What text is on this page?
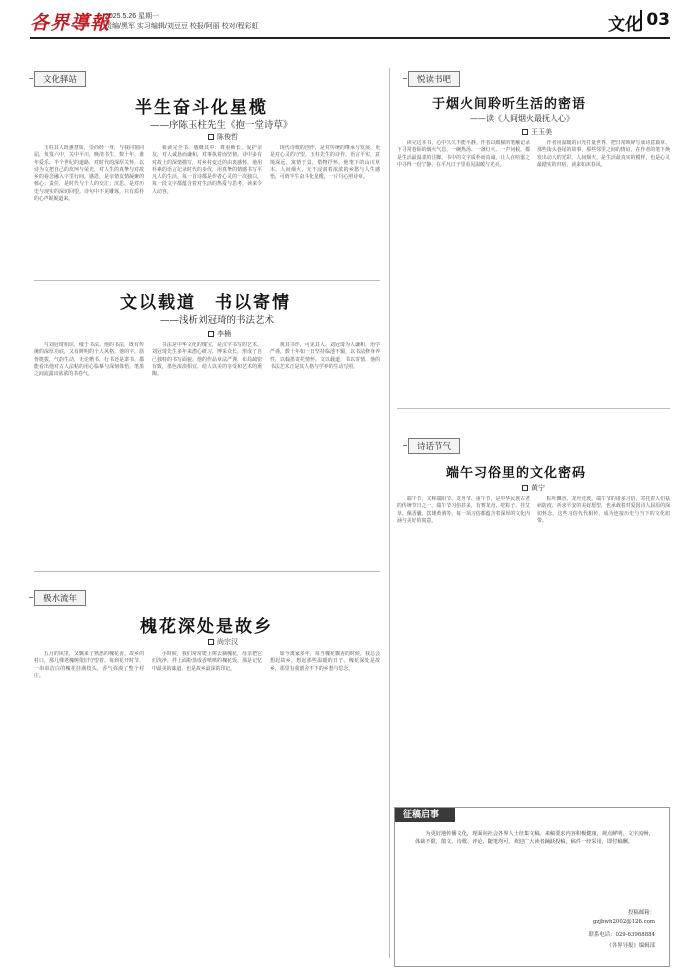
各界導報
2025.5.26 星期一
责编/黑军 实习编辑/刘豆豆 校报/阿丽 校对/程彩虹	文化 03
文化驿站
半生奋斗化星榄
——序陈玉柱先生《抱一堂诗草》
陈俊哲

玉柱其人既惠慧质，崇尚经一身，与我同窗同届，负笈六中，关中平川，晚清书生，数十年，谁年爱乐，半个世纪的道路，对时代的深厚关怀，以诗为文把自己的坎坷与荣光，对人生的真挚与对故乡的眷念融入字里行间。感恩，是亲情友情凝聚的核心；责任，是时代与个人的交汇；沉思，是对历史与现实的深切回望。诗句中不见雕琢，只有质朴的心声娓娓道来。

我读完全书，感慨其中：尊重师长、爱护亲友，对人诚恳而谦和，对事执着而坚韧。诗中多有对故土的深情描写，对乡村变迁的由衷感怀，他用朴素的语言记录时代的步伐，用真挚的情感书写平凡人的生活。每一首诗都是作者心灵的一次独白，每一段文字都蕴含着对生活的热爱与思考，读来令人动容。

现代诗歌的创作，是对传统的继承与发展，更是对心灵的守望。玉柱先生的诗作，语言平实，意境深远，寓情于景，借物抒怀。他笔下的山川草木、人间烟火，无不浸润着浓浓的乡愁与人生感悟，可谓半生奋斗化星榄，一片丹心照诗章。

文以载道　书以寄情
——浅析刘冠琦的书法艺术
李楠

与刘冠琦相识，缘于书法。他的书法，既有传统的深厚功底，又有鲜明的个人风格。他的字，筋骨挺拔，气韵生动，无论楷书、行书还是隶书，都能看出他对古人法帖的用心临摹与深刻体悟，笔墨之间流露出浓浓的书卷气。

书法是中华文化的瑰宝，是汉字书写的艺术。刘冠琦先生多年来潜心研习，博采众长，形成了自己独特的书写面貌。他的作品章法严谨，布局疏密有致，墨色浓淡相宜，给人以美的享受和艺术的熏陶。

观其书作，可见其人。刘冠琦为人谦和，治学严谨，数十年如一日坚持临池不辍，以书法修身养性，以翰墨寄托情怀。文以载道，书以寄情，他的书法艺术正是其人格与学养的生动写照。

极水流年
槐花深处是故乡
尚宗汉

五月的风里，又飘来了熟悉的槐花香。故乡的村口，那几棵老槐树依旧守望着，每到花开时节，一串串洁白的槐花挂满枝头，香气弥漫了整个村庄。

小时候，我们常常爬上树去摘槐花，母亲把它们洗净，拌上面粉蒸成香喷喷的槐花饭。那是记忆中最美的味道，也是故乡最深的印记。

如今离家多年，每当槐花飘香的时候，我总会想起故乡，想起那些温暖的日子。槐花深处是故乡，那里有我割舍不下的乡愁与思念。

悦读书吧
于烟火间聆听生活的密语
——读《人间烟火最抚人心》
王玉美

读完这本书，心中久久不能平静。作者以细腻的笔触记录下寻常巷陌的烟火气息，一碗热汤、一盏灯火、一声问候，都是生活最温柔的注脚。书中的文字质朴而真诚，让人在喧嚣之中寻得一份宁静，在平凡日子里看见温暖与光亮。

作者用温暖的目光打量世界，把日常琐碎写成诗意篇章。那些街头巷尾的故事，那些邻里之间的情谊，在作者的笔下焕发出动人的光彩。人间烟火，是生活最真实的模样，也是心灵最踏实的归宿，读来如沐春风。

诗话节气
端午习俗里的文化密码
黄宁

端午节，又称端阳节、龙舟节、重午节，是中华民族古老的传统节日之一。端午节习俗甚多，有赛龙舟、吃粽子、挂艾草、佩香囊、饮雄黄酒等，每一项习俗都蕴含着深厚的文化内涵与美好的寓意。

粽叶飘香，龙舟竞渡。端午节的诸多习俗，寄托着人们祛病防疫、祈求平安的美好愿望，也承载着对爱国诗人屈原的深切怀念。这些习俗代代相传，成为连接历史与当下的文化纽带。

征稿启事

为更好地传播文化，现面向社会各界人士征集文稿。来稿要求内容积极健康，观点鲜明，文字流畅，体裁不限，散文、诗歌、评论、随笔均可，欢迎广大读者踊跃投稿，稿件一经采用，即付稿酬。

投稿邮箱：
gzjbwh2002@126.com
联系电话：029-63968884
《各界导报》编辑部
